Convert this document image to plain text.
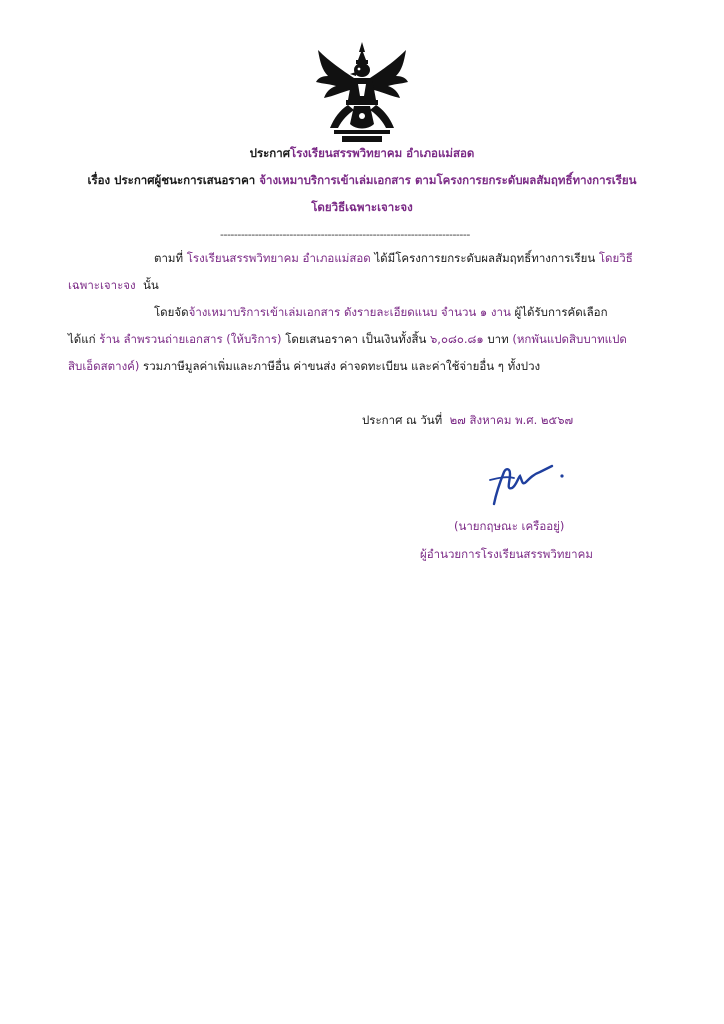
ประกาศโรงเรียนสรรพวิทยาคม อำเภอแม่สอด
เรื่อง ประกาศผู้ชนะการเสนอราคา จ้างเหมาบริการเข้าเล่มเอกสาร ตามโครงการยกระดับผลสัมฤทธิ์ทางการเรียน
โดยวิธีเฉพาะเจาะจง
------------------------------------------------------------------------
ตามที่ โรงเรียนสรรพวิทยาคม อำเภอแม่สอด ได้มีโครงการยกระดับผลสัมฤทธิ์ทางการเรียน โดยวิธี
เฉพาะเจาะจง นั้น
โดยจัดจ้างเหมาบริการเข้าเล่มเอกสาร ดังรายละเอียดแนบ จำนวน ๑ งาน ผู้ได้รับการคัดเลือก
ได้แก่ ร้าน ลำพรวนถ่ายเอกสาร (ให้บริการ) โดยเสนอราคา เป็นเงินทั้งสิ้น ๖,๐๘๐.๘๑ บาท (หกพันแปดสิบบาทแปด
สิบเอ็ดสตางค์) รวมภาษีมูลค่าเพิ่มและภาษีอื่น ค่าขนส่ง ค่าจดทะเบียน และค่าใช้จ่ายอื่น ๆ ทั้งปวง
ประกาศ ณ วันที่ ๒๗ สิงหาคม พ.ศ. ๒๕๖๗
(นายกฤษณะ เครืออยู่)
ผู้อำนวยการโรงเรียนสรรพวิทยาคม
